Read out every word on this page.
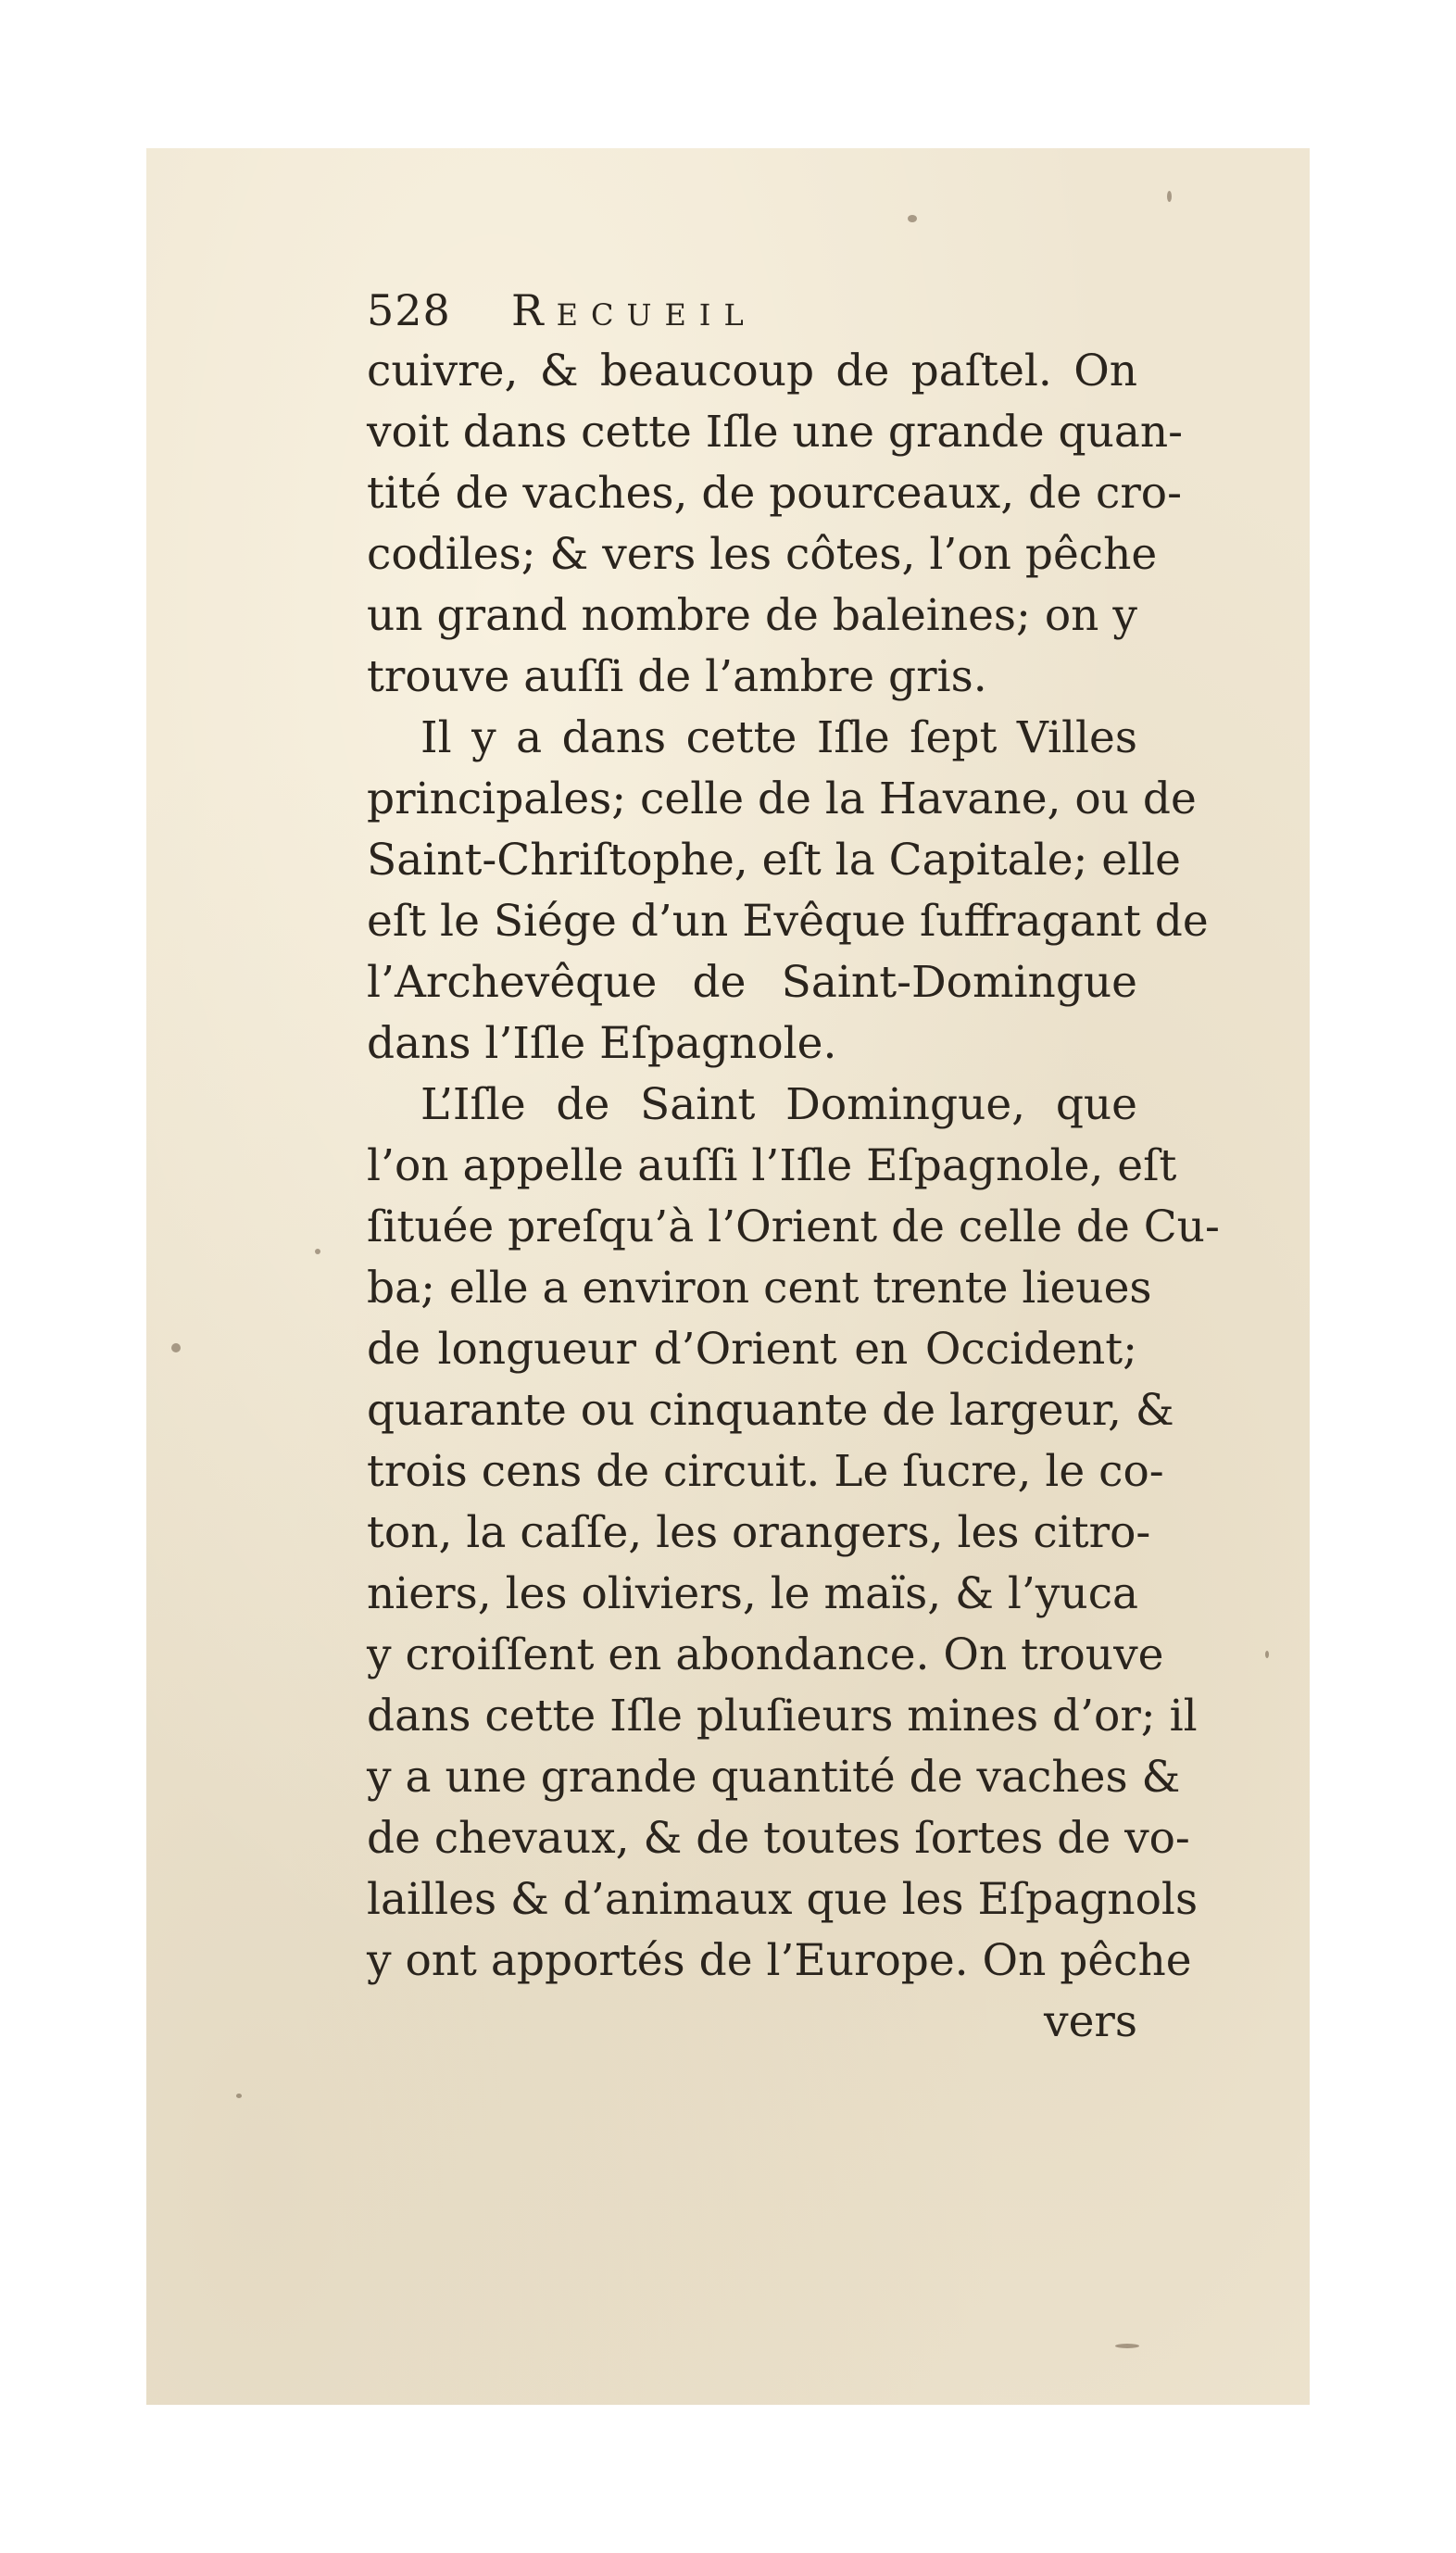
528 Recueil
cuivre, & beaucoup de paſtel. On
voit dans cette Iſle une grande quan-
tité de vaches, de pourceaux, de cro-
codiles; & vers les côtes, l’on pêche
un grand nombre de baleines; on y
trouve auſſi de l’ambre gris.
Il y a dans cette Iſle ſept Villes
principales; celle de la Havane, ou de
Saint-Chriſtophe, eſt la Capitale; elle
eſt le Siége d’un Evêque ſuffragant de
l’Archevêque de Saint-Domingue
dans l’Iſle Eſpagnole.
L’Iſle de Saint Domingue, que
l’on appelle auſſi l’Iſle Eſpagnole, eſt
ſituée preſqu’à l’Orient de celle de Cu-
ba; elle a environ cent trente lieues
de longueur d’Orient en Occident;
quarante ou cinquante de largeur, &
trois cens de circuit. Le ſucre, le co-
ton, la caſſe, les orangers, les citro-
niers, les oliviers, le maïs, & l’yuca
y croiſſent en abondance. On trouve
dans cette Iſle pluſieurs mines d’or; il
y a une grande quantité de vaches &
de chevaux, & de toutes ſortes de vo-
lailles & d’animaux que les Eſpagnols
y ont apportés de l’Europe. On pêche
vers
